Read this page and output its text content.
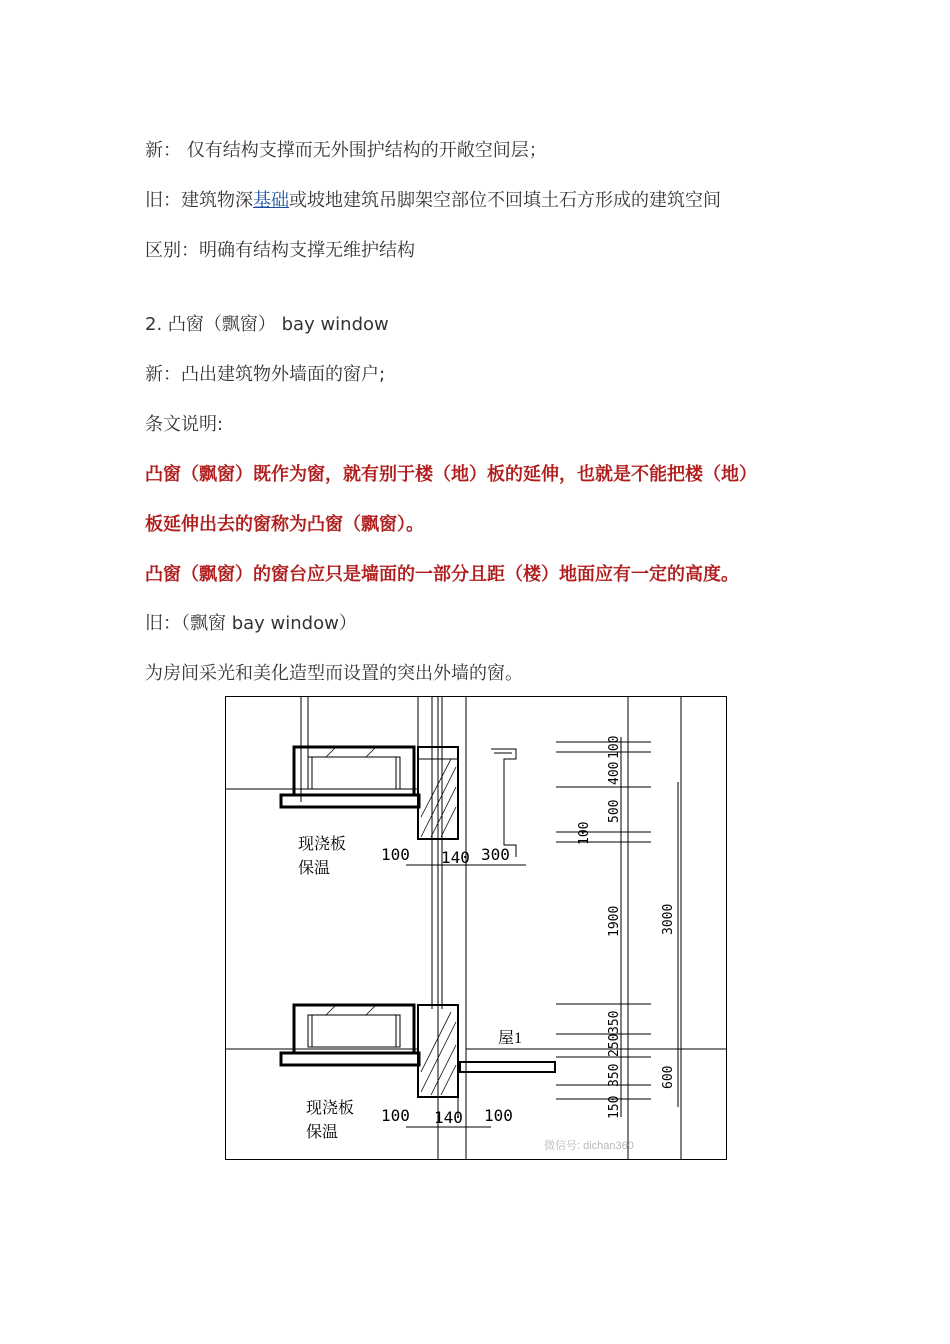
新： 仅有结构支撑而无外围护结构的开敞空间层；
旧：建筑物深基础或坡地建筑吊脚架空部位不回填土石方形成的建筑空间
区别：明确有结构支撑无维护结构
2. 凸窗（飘窗） bay window
新：凸出建筑物外墙面的窗户;
条文说明:
凸窗（飘窗）既作为窗，就有别于楼（地）板的延伸，也就是不能把楼（地）
板延伸出去的窗称为凸窗（飘窗）。
凸窗（飘窗）的窗台应只是墙面的一部分且距（楼）地面应有一定的高度。
旧：（飘窗 bay window）
为房间采光和美化造型而设置的突出外墙的窗。
现浇板
保温
现浇板
保温
屋1
100 140 300
100 140 100
100
400
500
100
1900
350
250
350
150
3000
600
微信号: dichan360
